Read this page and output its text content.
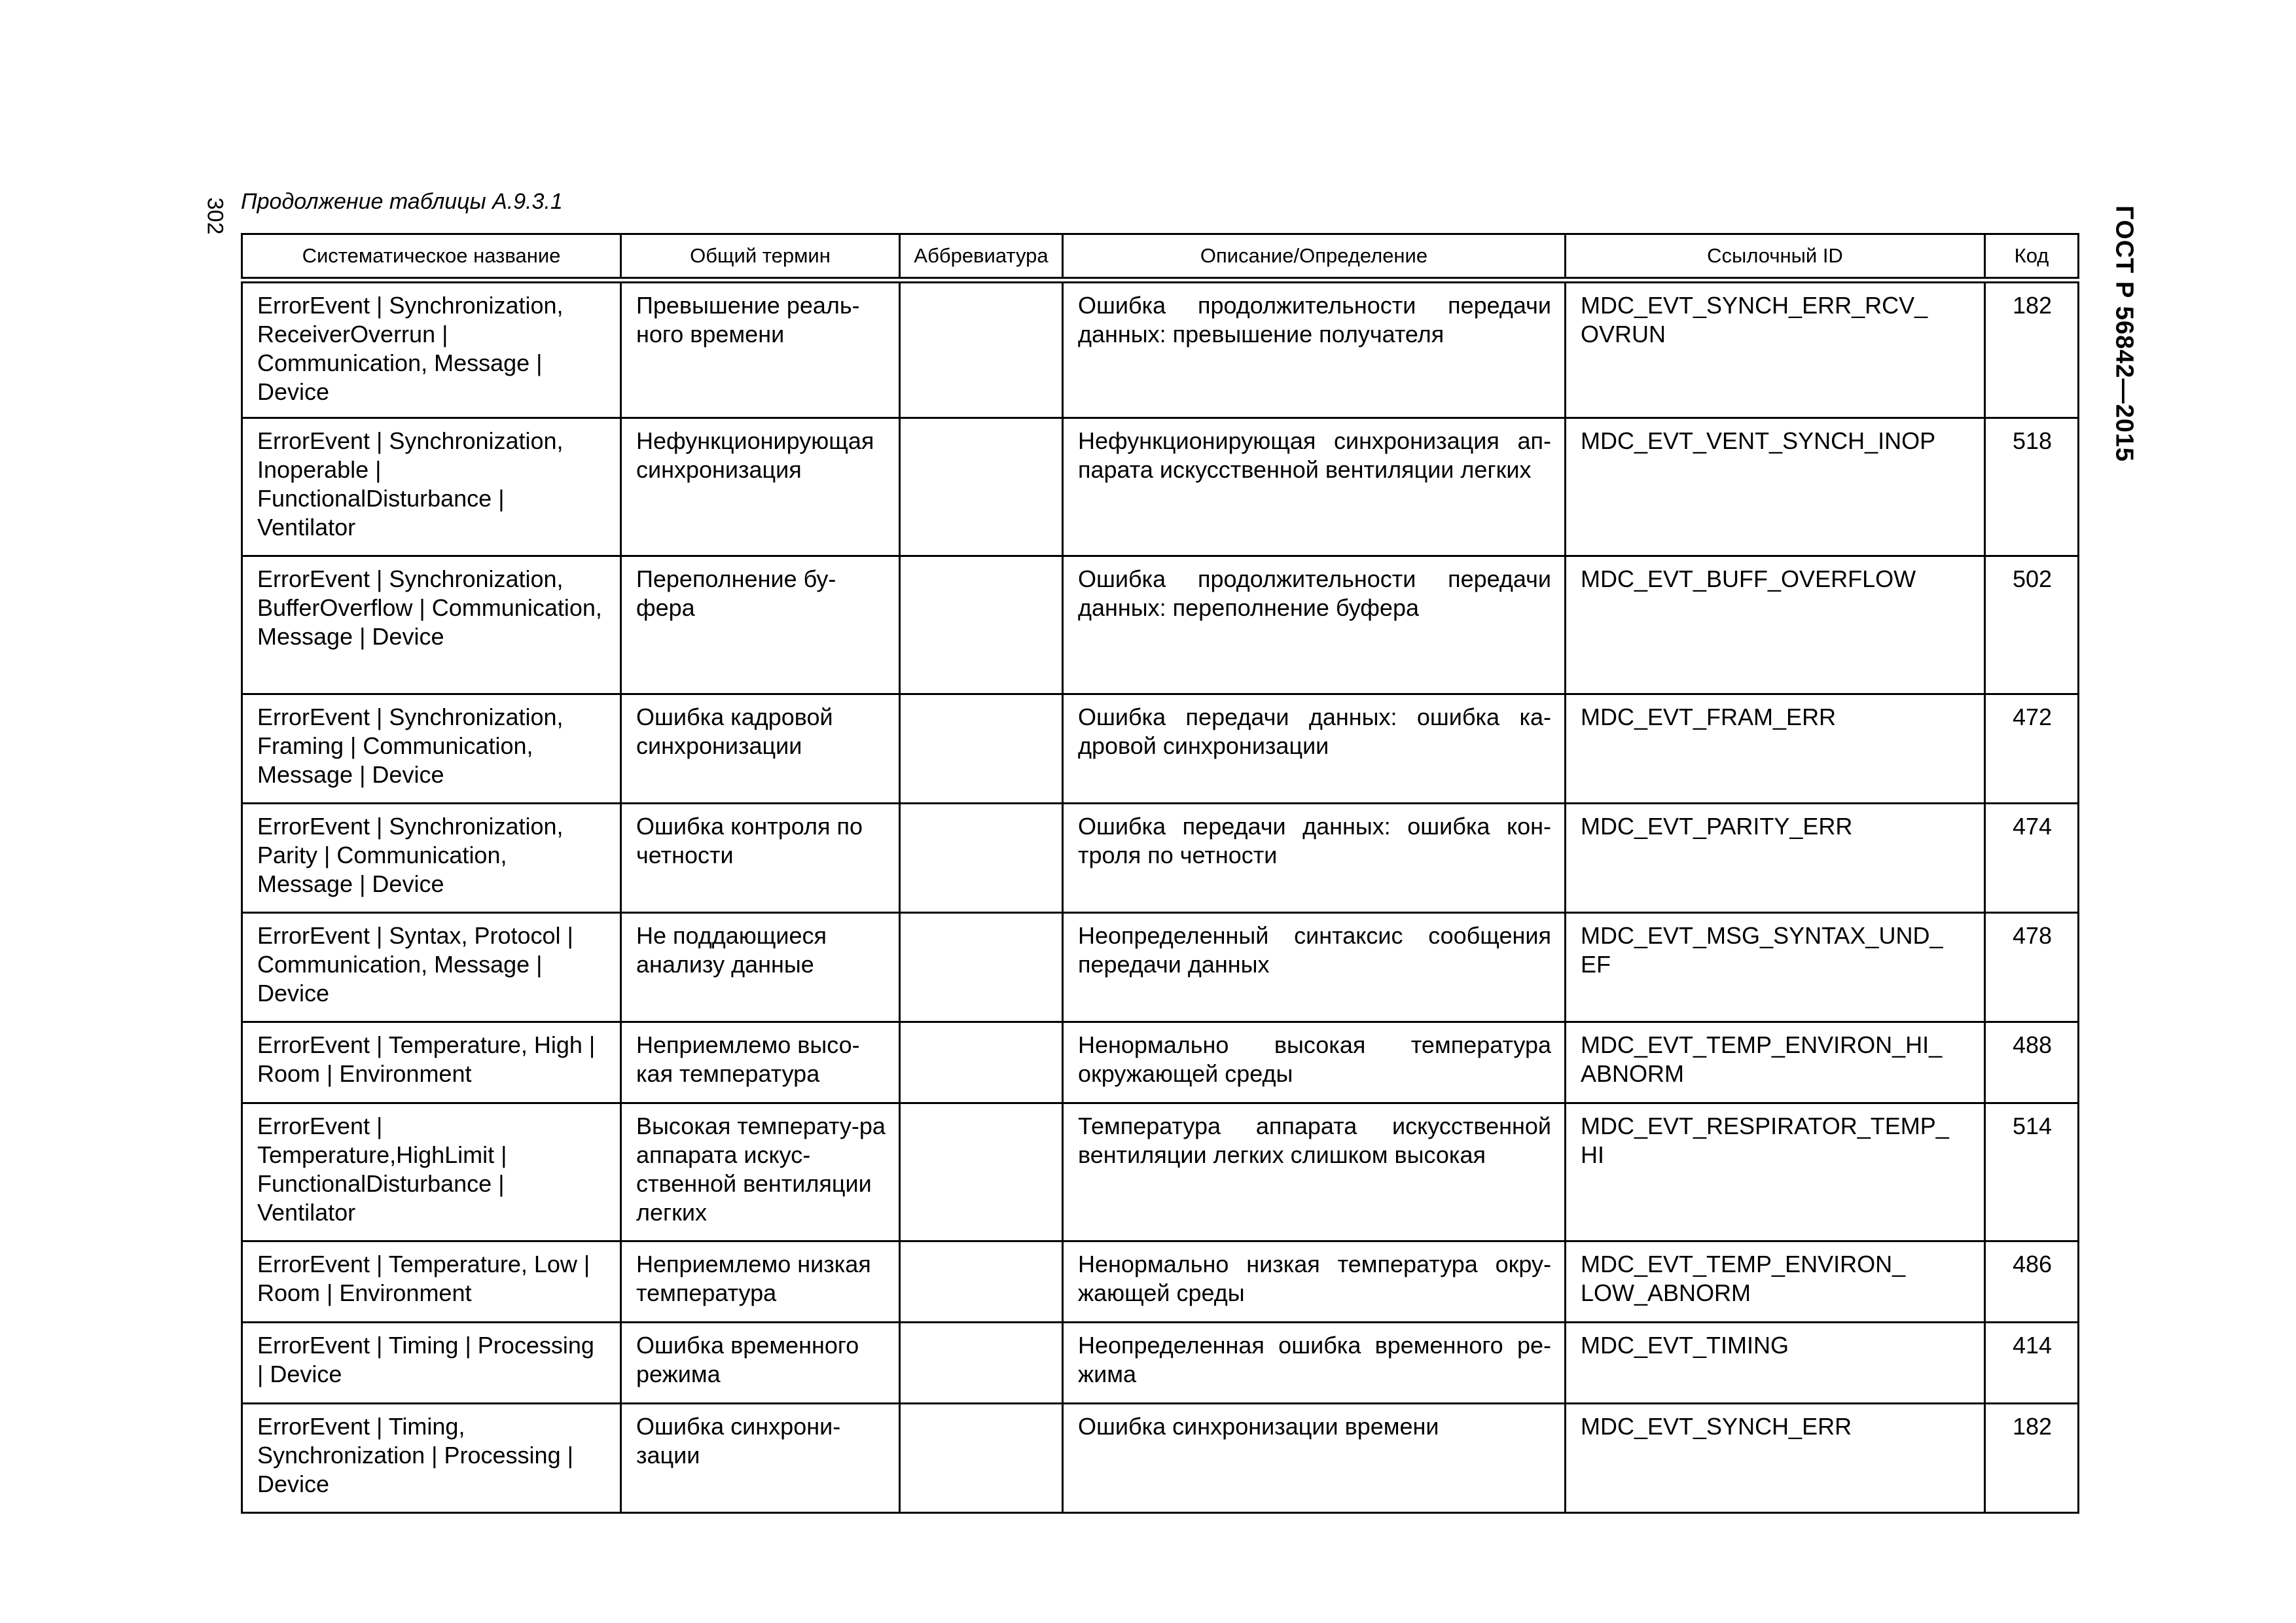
302	ГОСТ Р 56842—2015
Продолжение таблицы А.9.3.1
Систематическое название	Общий термин	Аббревиатура	Описание/Определение	Ссылочный ID	Код
ErrorEvent | Synchronization, ReceiverOverrun | Communication, Message | Device	Превышение реаль-ного времени		Ошибка продолжительности передачи данных: превышение получателя	MDC_EVT_SYNCH_ERR_RCV_ OVRUN	182
ErrorEvent | Synchronization, Inoperable | FunctionalDisturbance | Ventilator	Нефункционирующая синхронизация		Нефункционирующая синхронизация ап-парата искусственной вентиляции легких	MDC_EVT_VENT_SYNCH_INOP	518
ErrorEvent | Synchronization, BufferOverflow | Communication, Message | Device	Переполнение бу-фера		Ошибка продолжительности передачи данных: переполнение буфера	MDC_EVT_BUFF_OVERFLOW	502
ErrorEvent | Synchronization, Framing | Communication, Message | Device	Ошибка кадровой синхронизации		Ошибка передачи данных: ошибка ка-дровой синхронизации	MDC_EVT_FRAM_ERR	472
ErrorEvent | Synchronization, Parity | Communication, Message | Device	Ошибка контроля по четности		Ошибка передачи данных: ошибка кон-троля по четности	MDC_EVT_PARITY_ERR	474
ErrorEvent | Syntax, Protocol | Communication, Message | Device	Не поддающиеся анализу данные		Неопределенный синтаксис сообщения передачи данных	MDC_EVT_MSG_SYNTAX_UND_ EF	478
ErrorEvent | Temperature, High | Room | Environment	Неприемлемо высо-кая температура		Ненормально высокая температура окружающей среды	MDC_EVT_TEMP_ENVIRON_HI_ ABNORM	488
ErrorEvent | Temperature,HighLimit | FunctionalDisturbance | Ventilator	Высокая температу-ра аппарата искус-ственной вентиляции легких		Температура аппарата искусственной вентиляции легких слишком высокая	MDC_EVT_RESPIRATOR_TEMP_ HI	514
ErrorEvent | Temperature, Low | Room | Environment	Неприемлемо низкая температура		Ненормально низкая температура окру-жающей среды	MDC_EVT_TEMP_ENVIRON_ LOW_ABNORM	486
ErrorEvent | Timing | Processing | Device	Ошибка временного режима		Неопределенная ошибка временного ре-жима	MDC_EVT_TIMING	414
ErrorEvent | Timing, Synchronization | Processing | Device	Ошибка синхрони-зации		Ошибка синхронизации времени	MDC_EVT_SYNCH_ERR	182
